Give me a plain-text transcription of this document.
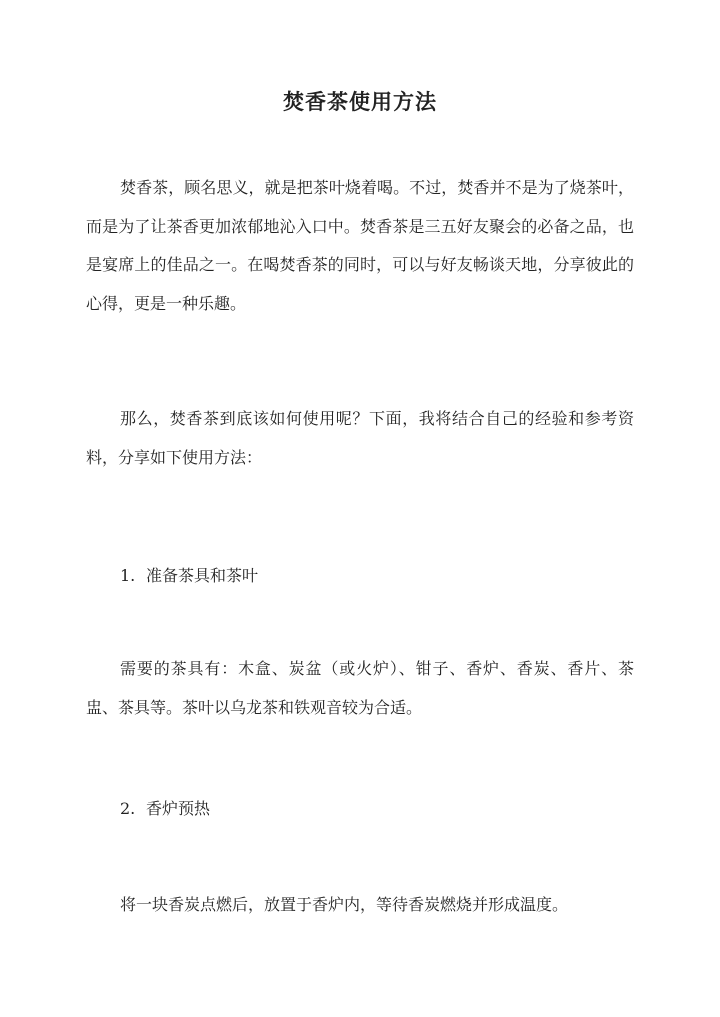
焚香茶使用方法

焚香茶，顾名思义，就是把茶叶烧着喝。不过，焚香并不是为了烧茶叶，而是为了让茶香更加浓郁地沁入口中。焚香茶是三五好友聚会的必备之品，也是宴席上的佳品之一。在喝焚香茶的同时，可以与好友畅谈天地，分享彼此的心得，更是一种乐趣。

那么，焚香茶到底该如何使用呢？下面，我将结合自己的经验和参考资料，分享如下使用方法：

1. 准备茶具和茶叶

需要的茶具有：木盒、炭盆（或火炉）、钳子、香炉、香炭、香片、茶盅、茶具等。茶叶以乌龙茶和铁观音较为合适。

2. 香炉预热

将一块香炭点燃后，放置于香炉内，等待香炭燃烧并形成温度。
